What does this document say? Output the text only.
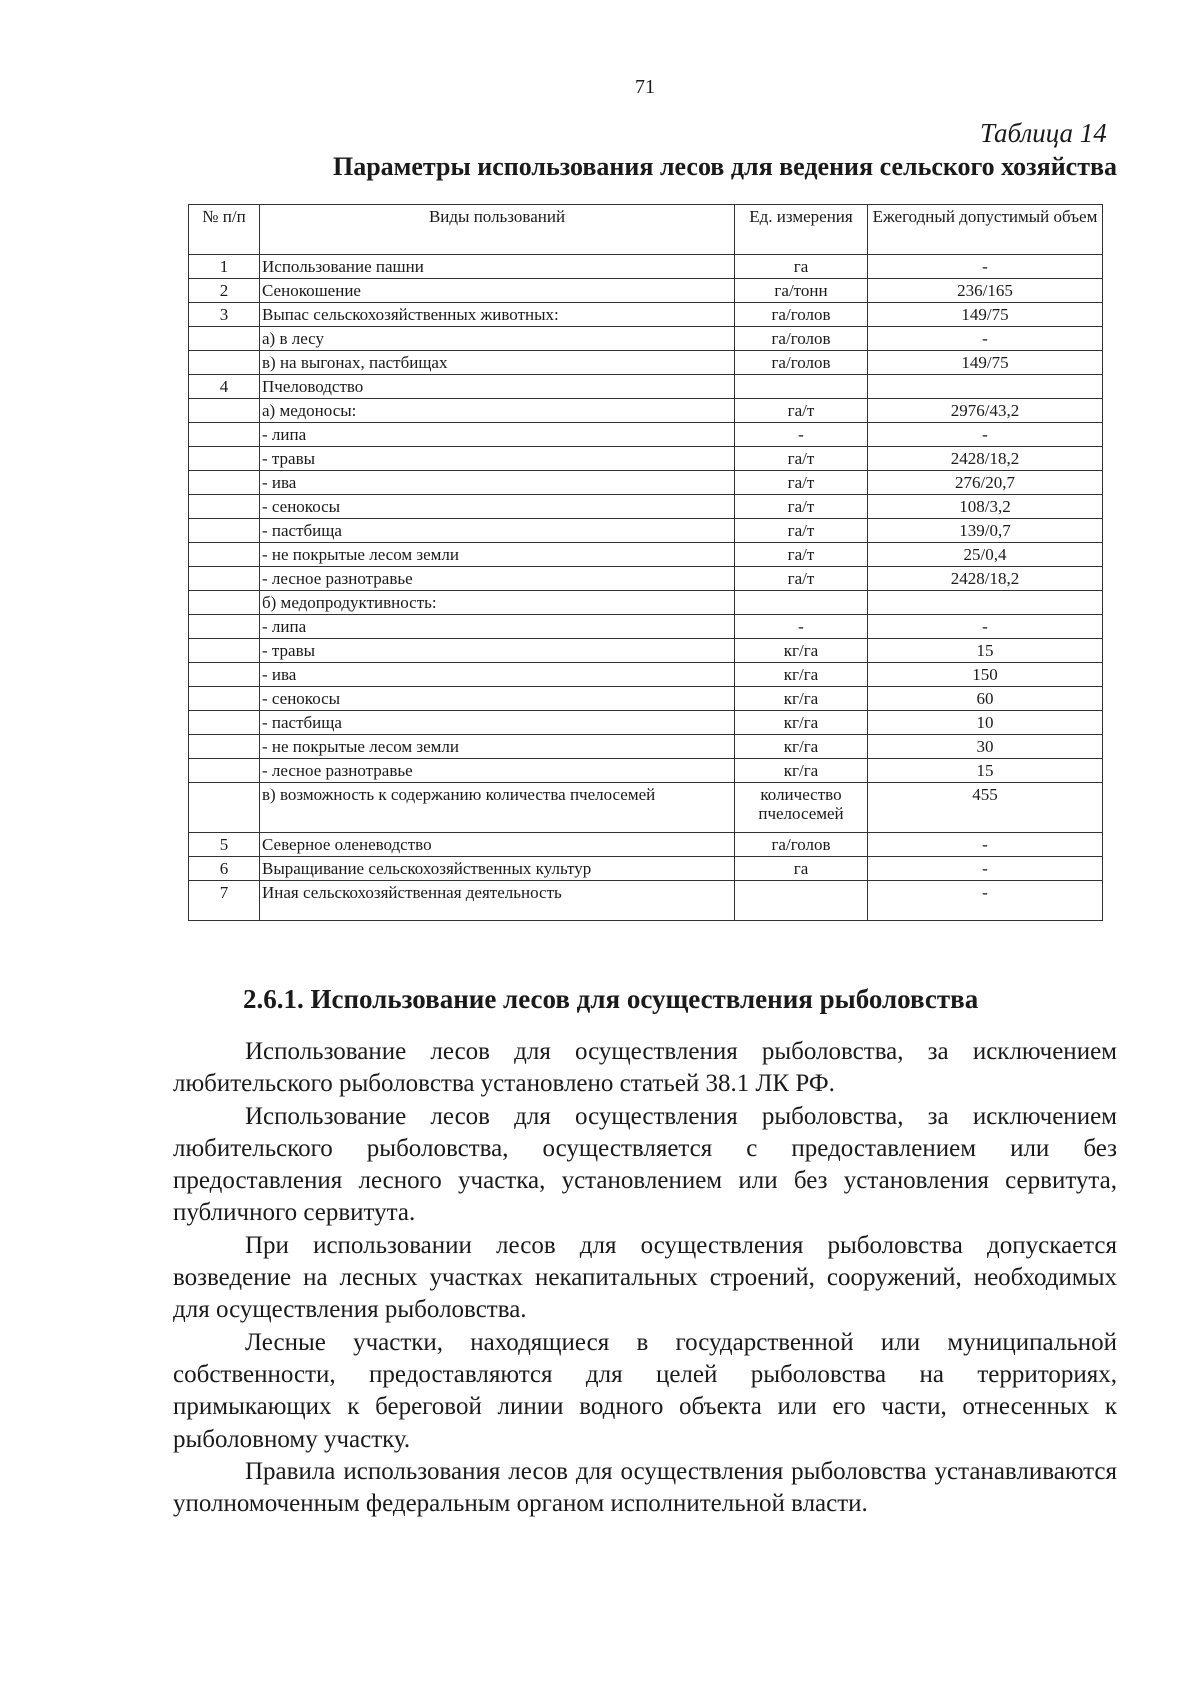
71
Таблица 14
Параметры использования лесов для ведения сельского хозяйства
№ п/п	Виды пользований	Ед. измерения	Ежегодный допустимый объем
1	Использование пашни	га	-
2	Сенокошение	га/тонн	236/165
3	Выпас сельскохозяйственных животных:	га/голов	149/75
	а) в лесу	га/голов	-
	в) на выгонах, пастбищах	га/голов	149/75
4	Пчеловодство		
	а) медоносы:	га/т	2976/43,2
	- липа	-	-
	- травы	га/т	2428/18,2
	- ива	га/т	276/20,7
	- сенокосы	га/т	108/3,2
	- пастбища	га/т	139/0,7
	- не покрытые лесом земли	га/т	25/0,4
	- лесное разнотравье	га/т	2428/18,2
	б) медопродуктивность:		
	- липа	-	-
	- травы	кг/га	15
	- ива	кг/га	150
	- сенокосы	кг/га	60
	- пастбища	кг/га	10
	- не покрытые лесом земли	кг/га	30
	- лесное разнотравье	кг/га	15
	в) возможность к содержанию количества пчелосемей	количество пчелосемей	455
5	Северное оленеводство	га/голов	-
6	Выращивание сельскохозяйственных культур	га	-
7	Иная сельскохозяйственная деятельность		-
2.6.1. Использование лесов для осуществления рыболовства

Использование лесов для осуществления рыболовства, за исключением любительского рыболовства установлено статьей 38.1 ЛК РФ.

Использование лесов для осуществления рыболовства, за исключением любительского рыболовства, осуществляется с предоставлением или без предоставления лесного участка, установлением или без установления сервитута, публичного сервитута.

При использовании лесов для осуществления рыболовства допускается возведение на лесных участках некапитальных строений, сооружений, необходимых для осуществления рыболовства.

Лесные участки, находящиеся в государственной или муниципальной собственности, предоставляются для целей рыболовства на территориях, примыкающих к береговой линии водного объекта или его части, отнесенных к рыболовному участку.

Правила использования лесов для осуществления рыболовства устанавливаются уполномоченным федеральным органом исполнительной власти.
